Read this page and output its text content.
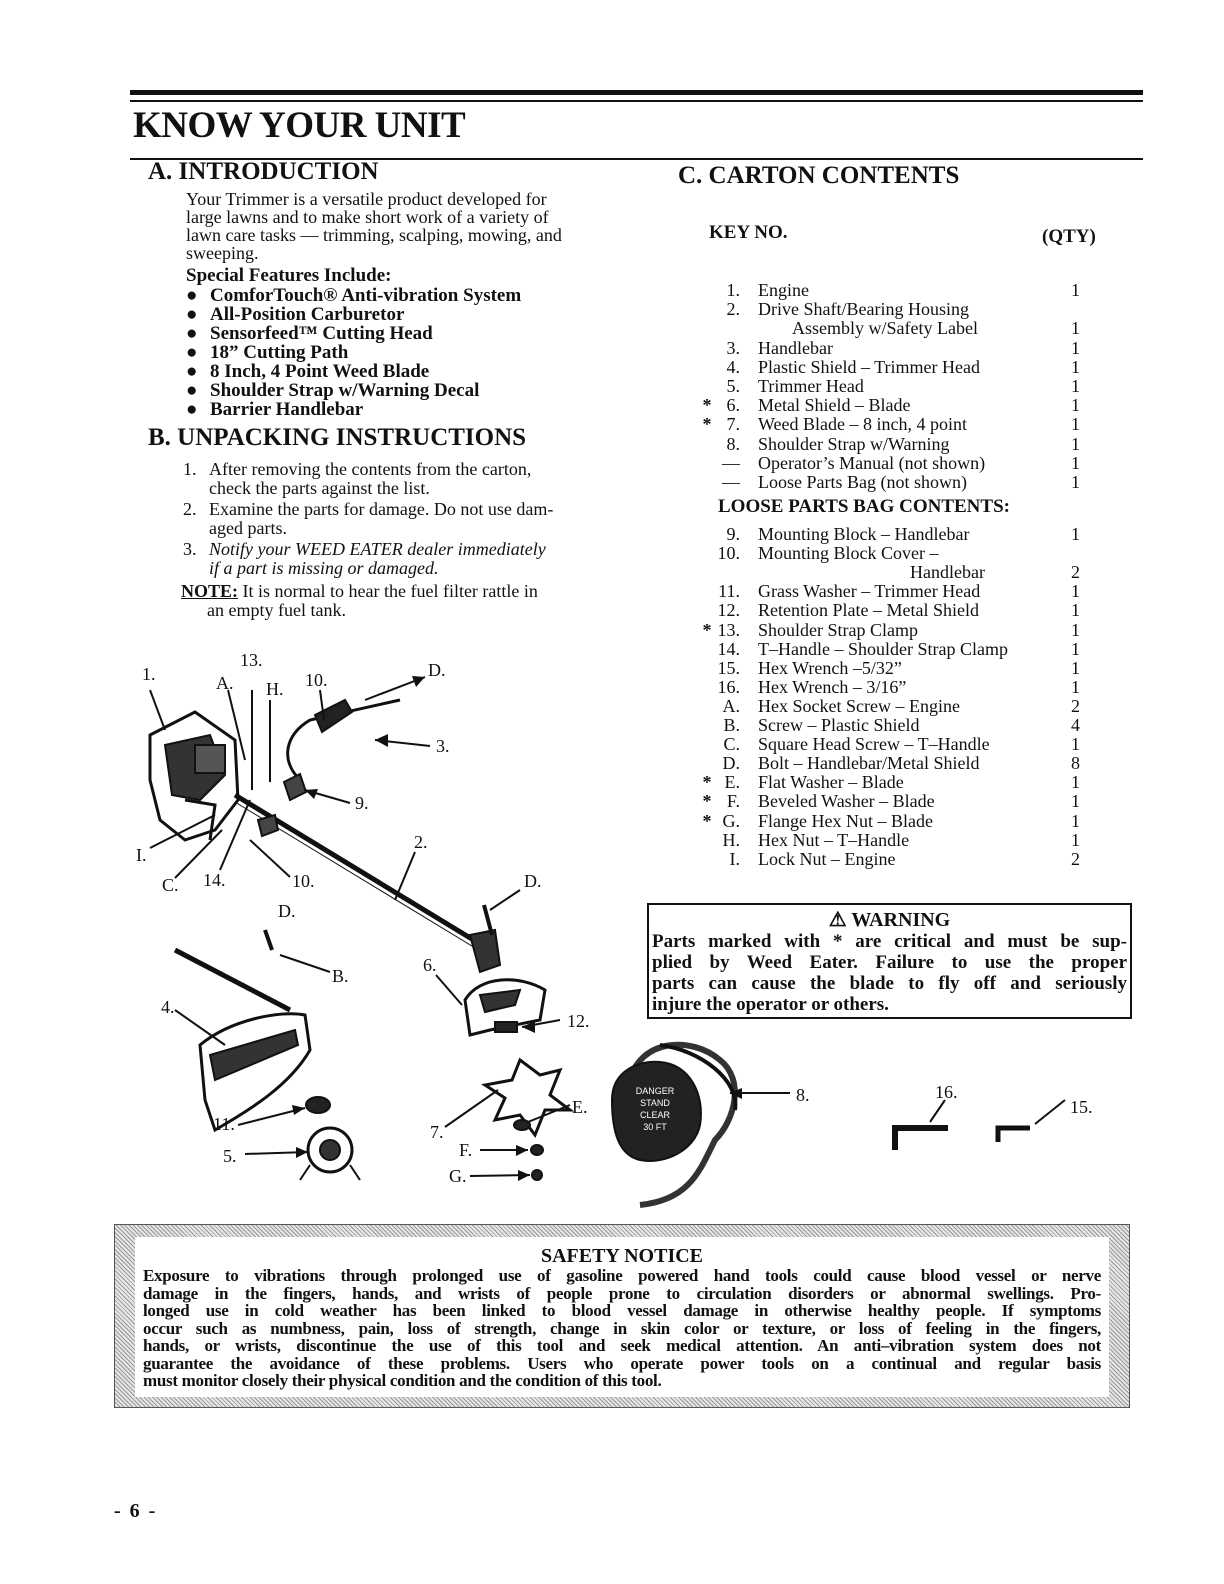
KNOW YOUR UNIT
A. INTRODUCTION
Your Trimmer is a versatile product developed for
large lawns and to make short work of a variety of
lawn care tasks — trimming, scalping, mowing, and
sweeping.
Special Features Include:
● ComforTouch® Anti-vibration System
● All-Position Carburetor
● Sensorfeed™ Cutting Head
● 18” Cutting Path
● 8 Inch, 4 Point Weed Blade
● Shoulder Strap w/Warning Decal
● Barrier Handlebar
B. UNPACKING INSTRUCTIONS
1. After removing the contents from the carton,
check the parts against the list.
2. Examine the parts for damage. Do not use dam-
aged parts.
3. Notify your WEED EATER dealer immediately
if a part is missing or damaged.
NOTE: It is normal to hear the fuel filter rattle in
an empty fuel tank.
C. CARTON CONTENTS
KEY NO.	(QTY)
1. Engine	1
2. Drive Shaft/Bearing Housing
Assembly w/Safety Label	1
3. Handlebar	1
4. Plastic Shield – Trimmer Head	1
5. Trimmer Head	1
* 6. Metal Shield – Blade	1
* 7. Weed Blade – 8 inch, 4 point	1
8. Shoulder Strap w/Warning	1
— Operator’s Manual (not shown)	1
— Loose Parts Bag (not shown)	1
LOOSE PARTS BAG CONTENTS:
9. Mounting Block – Handlebar	1
10. Mounting Block Cover –
Handlebar	2
11. Grass Washer – Trimmer Head	1
12. Retention Plate – Metal Shield	1
* 13. Shoulder Strap Clamp	1
14. T–Handle – Shoulder Strap Clamp	1
15. Hex Wrench –5/32”	1
16. Hex Wrench – 3/16”	1
A. Hex Socket Screw – Engine	2
B. Screw – Plastic Shield	4
C. Square Head Screw – T–Handle	1
D. Bolt – Handlebar/Metal Shield	8
* E. Flat Washer – Blade	1
* F. Beveled Washer – Blade	1
* G. Flange Hex Nut – Blade	1
H. Hex Nut – T–Handle	1
I. Lock Nut – Engine	2
⚠ WARNING
Parts marked with * are critical and must be sup-
plied by Weed Eater. Failure to use the proper
parts can cause the blade to fly off and seriously
injure the operator or others.
DANGER
STAND
CLEAR
30 FT
1.
13.
A. H. 10.	D.
3.
9.
2.
I.
C. 14.	10.
D.
D.
B.
6.
4.
12.
11.
E.
5.
7.
F.
G.
8.	16.
15.
SAFETY NOTICE
Exposure to vibrations through prolonged use of gasoline powered hand tools could cause blood vessel or nerve
damage in the fingers, hands, and wrists of people prone to circulation disorders or abnormal swellings. Pro-
longed use in cold weather has been linked to blood vessel damage in otherwise healthy people. If symptoms
occur such as numbness, pain, loss of strength, change in skin color or texture, or loss of feeling in the fingers,
hands, or wrists, discontinue the use of this tool and seek medical attention. An anti–vibration system does not
guarantee the avoidance of these problems. Users who operate power tools on a continual and regular basis
must monitor closely their physical condition and the condition of this tool.
- 6 -
